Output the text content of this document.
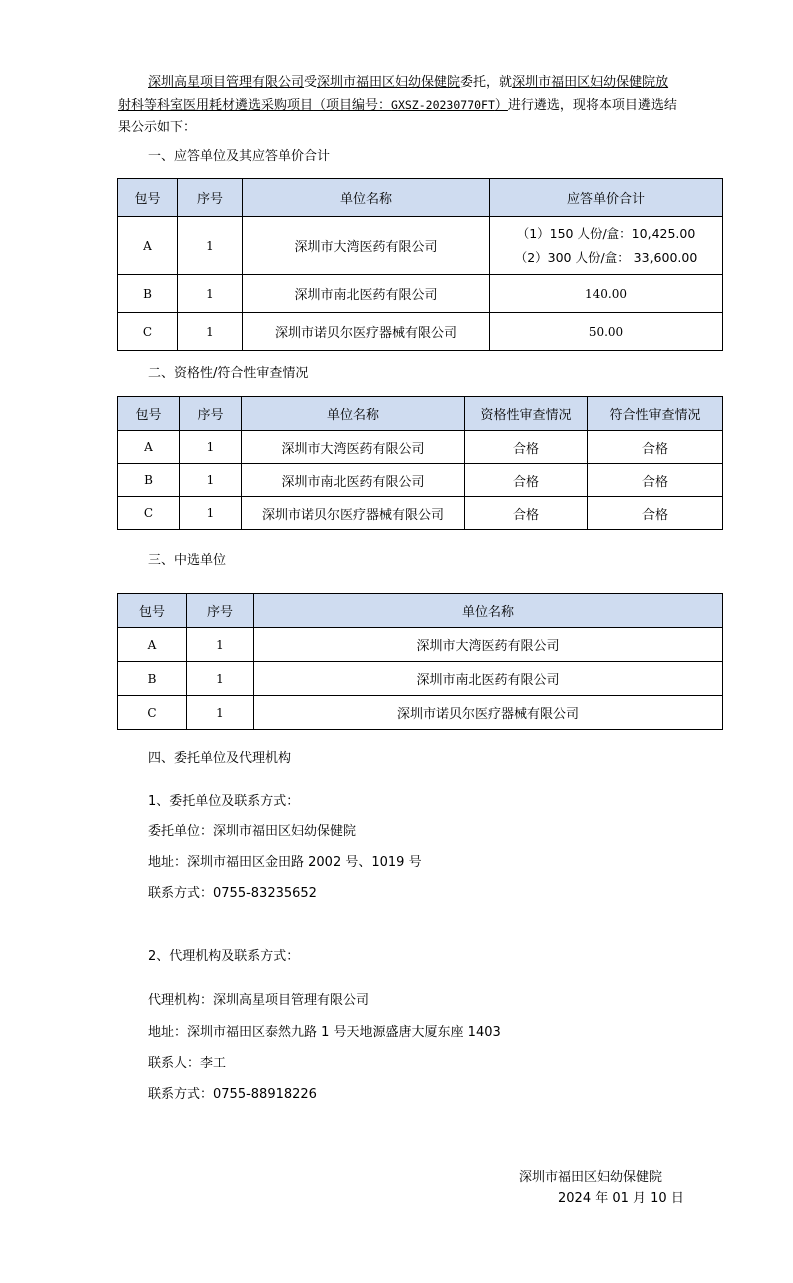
深圳高星项目管理有限公司受深圳市福田区妇幼保健院委托，就深圳市福田区妇幼保健院放射科等科室医用耗材遴选采购项目（项目编号：GXSZ-20230770FT）进行遴选，现将本项目遴选结果公示如下：
一、应答单位及其应答单价合计
包号	序号	单位名称	应答单价合计
A	1	深圳市大湾医药有限公司	（1）150 人份/盒：10,425.00
（2）300 人份/盒： 33,600.00

B	1	深圳市南北医药有限公司	140.00
C	1	深圳市诺贝尔医疗器械有限公司	50.00
二、资格性/符合性审查情况
包号	序号	单位名称	资格性审查情况	符合性审查情况
A	1	深圳市大湾医药有限公司	合格	合格
B	1	深圳市南北医药有限公司	合格	合格
C	1	深圳市诺贝尔医疗器械有限公司	合格	合格
三、中选单位
包号	序号	单位名称
A	1	深圳市大湾医药有限公司
B	1	深圳市南北医药有限公司
C	1	深圳市诺贝尔医疗器械有限公司
四、委托单位及代理机构
1、委托单位及联系方式：
委托单位：深圳市福田区妇幼保健院
地址：深圳市福田区金田路 2002 号、1019 号
联系方式：0755-83235652
2、代理机构及联系方式：
代理机构：深圳高星项目管理有限公司
地址：深圳市福田区泰然九路 1 号天地源盛唐大厦东座 1403
联系人：李工
联系方式：0755-88918226
深圳市福田区妇幼保健院
2024 年 01 月 10 日
